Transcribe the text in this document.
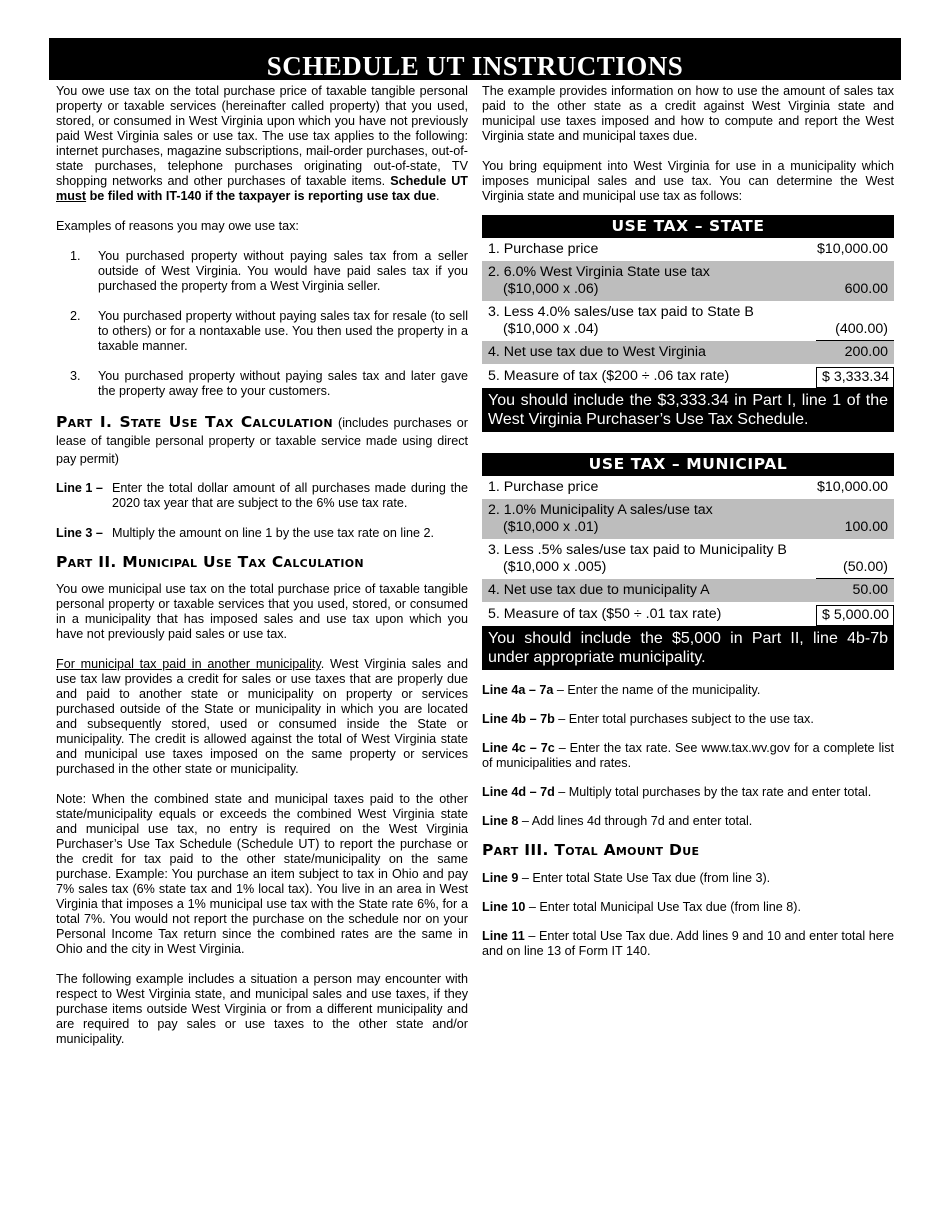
SCHEDULE UT INSTRUCTIONS

You owe use tax on the total purchase price of taxable tangible personal property or taxable services (hereinafter called property) that you used, stored, or consumed in West Virginia upon which you have not previously paid West Virginia sales or use tax. The use tax applies to the following: internet purchases, magazine subscriptions, mail-order purchases, out-of-state purchases, telephone purchases originating out-of-state, TV shopping networks and other purchases of taxable items. Schedule UT must be filed with IT-140 if the taxpayer is reporting use tax due.

Examples of reasons you may owe use tax:

1.	You purchased property without paying sales tax from a seller outside of West Virginia. You would have paid sales tax if you purchased the property from a West Virginia seller.
2.	You purchased property without paying sales tax for resale (to sell to others) or for a nontaxable use. You then used the property in a taxable manner.
3.	You purchased property without paying sales tax and later gave the property away free to your customers.

Part I. State Use Tax Calculation (includes purchases or lease of tangible personal property or taxable service made using direct pay permit)

Line 1 – Enter the total dollar amount of all purchases made during the 2020 tax year that are subject to the 6% use tax rate.
Line 3 – Multiply the amount on line 1 by the use tax rate on line 2.

Part II. Municipal Use Tax Calculation

You owe municipal use tax on the total purchase price of taxable tangible personal property or taxable services that you used, stored, or consumed in a municipality that has imposed sales and use tax upon which you have not previously paid sales or use tax.

For municipal tax paid in another municipality. West Virginia sales and use tax law provides a credit for sales or use taxes that are properly due and paid to another state or municipality on property or services purchased outside of the State or municipality in which you are located and subsequently stored, used or consumed inside the State or municipality. The credit is allowed against the total of West Virginia state and municipal use taxes imposed on the same property or services purchased in the other state or municipality.

Note: When the combined state and municipal taxes paid to the other state/municipality equals or exceeds the combined West Virginia state and municipal use tax, no entry is required on the West Virginia Purchaser’s Use Tax Schedule (Schedule UT) to report the purchase or the credit for tax paid to the other state/municipality on the same purchase. Example: You purchase an item subject to tax in Ohio and pay 7% sales tax (6% state tax and 1% local tax). You live in an area in West Virginia that imposes a 1% municipal use tax with the State rate 6%, for a total 7%. You would not report the purchase on the schedule nor on your Personal Income Tax return since the combined rates are the same in Ohio and the city in West Virginia.

The following example includes a situation a person may encounter with respect to West Virginia state, and municipal sales and use taxes, if they purchase items outside West Virginia or from a different municipality and are required to pay sales or use taxes to the other state and/or municipality.

The example provides information on how to use the amount of sales tax paid to the other state as a credit against West Virginia state and municipal use taxes imposed and how to compute and report the West Virginia state and municipal taxes due.

You bring equipment into West Virginia for use in a municipality which imposes municipal sales and use tax. You can determine the West Virginia state and municipal use tax as follows:

USE TAX – STATE
1. Purchase price	$10,000.00
2. 6.0% West Virginia State use tax
($10,000 x .06)	600.00
3. Less 4.0% sales/use tax paid to State B
($10,000 x .04)	(400.00)
4. Net use tax due to West Virginia	200.00
5. Measure of tax ($200 ÷ .06 tax rate)	$ 3,333.34
You should include the $3,333.34 in Part I, line 1 of the West Virginia Purchaser’s Use Tax Schedule.
USE TAX – MUNICIPAL
1. Purchase price	$10,000.00
2. 1.0% Municipality A sales/use tax
($10,000 x .01)	100.00
3. Less .5% sales/use tax paid to Municipality B
($10,000 x .005)	(50.00)
4. Net use tax due to municipality A	50.00
5. Measure of tax ($50 ÷ .01 tax rate)	$ 5,000.00
You should include the $5,000 in Part II, line 4b-7b under appropriate municipality.

Line 4a – 7a – Enter the name of the municipality.

Line 4b – 7b – Enter total purchases subject to the use tax.

Line 4c – 7c – Enter the tax rate. See www.tax.wv.gov for a complete list of municipalities and rates.

Line 4d – 7d – Multiply total purchases by the tax rate and enter total.

Line 8 – Add lines 4d through 7d and enter total.

Part III. Total Amount Due

Line 9 – Enter total State Use Tax due (from line 3).

Line 10 – Enter total Municipal Use Tax due (from line 8).

Line 11 – Enter total Use Tax due. Add lines 9 and 10 and enter total here and on line 13 of Form IT 140.
